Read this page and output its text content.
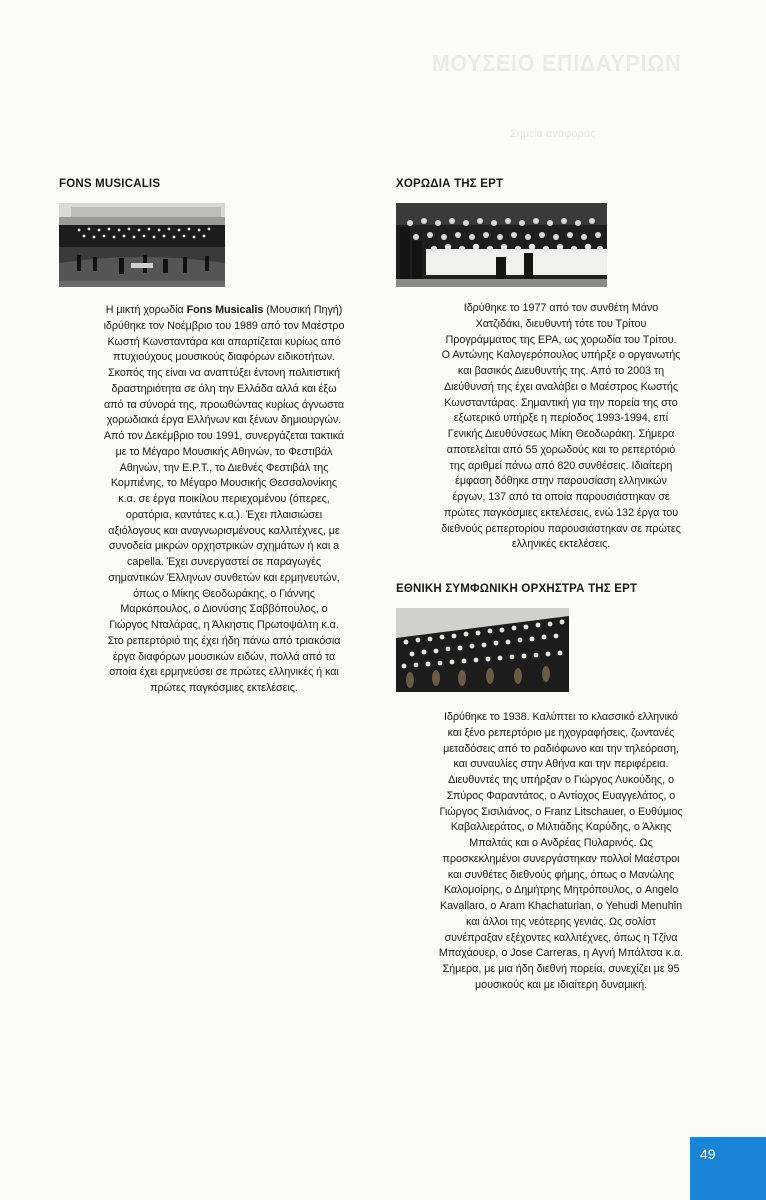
ΜΟΥΣΕΙΟ ΕΠΙΔΑΥΡΙΩΝ
Σημεία αναφοράς
FONS MUSICALIS

Η μικτή χορωδία Fons Musicalis (Μουσική Πηγή)
ιδρύθηκε τον Νοέμβριο του 1989 από τον Μαέστρο
Κωστή Κωνσταντάρα και απαρτίζεται κυρίως από
πτυχιούχους μουσικούς διαφόρων ειδικοτήτων.
Σκοπός της είναι να αναπτύξει έντονη πολιτιστική
δραστηριότητα σε όλη την Ελλάδα αλλά και έξω
από τα σύνορά της, προωθώντας κυρίως άγνωστα
χορωδιακά έργα Ελλήνων και ξένων δημιουργών.
Από τον Δεκέμβριο του 1991, συνεργάζεται τακτικά
με το Μέγαρο Μουσικής Αθηνών, το Φεστιβάλ
Αθηνών, την Ε.Ρ.Τ., το Διεθνές Φεστιβάλ της
Κομπιένης, το Μέγαρο Μουσικής Θεσσαλονίκης
κ.α. σε έργα ποικίλου περιεχομένου (όπερες,
ορατόρια, καντάτες κ.α.). Έχει πλαισιώσει
αξιόλογους και αναγνωρισμένους καλλιτέχνες, με
συνοδεία μικρών ορχηστρικών σχημάτων ή και a
capella. Έχει συνεργαστεί σε παραγωγές
σημαντικών Έλληνων συνθετών και ερμηνευτών,
όπως ο Μίκης Θεοδωράκης, ο Γιάννης
Μαρκόπουλος, ο Διονύσης Σαββόπουλος, ο
Γιώργος Νταλάρας, η Άλκηστις Πρωτοψάλτη κ.α.
Στο ρεπερτόριό της έχει ήδη πάνω από τριακόσια
έργα διαφόρων μουσικών ειδών, πολλά από τα
οποία έχει ερμηνεύσει σε πρώτες ελληνικές ή και
πρώτες παγκόσμιες εκτελέσεις.

ΧΟΡΩΔΙΑ ΤΗΣ ΕΡΤ

Ιδρύθηκε το 1977 από τον συνθέτη Μάνο
Χατζιδάκι, διευθυντή τότε του Τρίτου
Προγράμματος της ΕΡΑ, ως χορωδία του Τρίτου.
Ο Αντώνης Καλογερόπουλος υπήρξε ο οργανωτής
και βασικός Διευθυντής της. Από το 2003 τη
Διεύθυνσή της έχει αναλάβει ο Μαέστρος Κωστής
Κωνσταντάρας. Σημαντική για την πορεία της στο
εξωτερικό υπήρξε η περίοδος 1993-1994, επί
Γενικής Διευθύνσεως Μίκη Θεοδωράκη. Σήμερα
αποτελείται από 55 χορωδούς και το ρεπερτόριό
της αριθμεί πάνω από 820 συνθέσεις. Ιδιαίτερη
έμφαση δόθηκε στην παρουσίαση ελληνικών
έργων, 137 από τα οποία παρουσιάστηκαν σε
πρώτες παγκόσμιες εκτελέσεις, ενώ 132 έργα του
διεθνούς ρεπερτορίου παρουσιάστηκαν σε πρώτες
ελληνικές εκτελέσεις.

ΕΘΝΙΚΗ ΣΥΜΦΩΝΙΚΗ ΟΡΧΗΣΤΡΑ ΤΗΣ ΕΡΤ

Ιδρύθηκε το 1938. Καλύπτει το κλασσικό ελληνικό
και ξένο ρεπερτόριο με ηχογραφήσεις, ζωντανές
μεταδόσεις από το ραδιόφωνο και την τηλεόραση,
και συναυλίες στην Αθήνα και την περιφέρεια.
Διευθυντές της υπήρξαν ο Γιώργος Λυκούδης, ο
Σπύρος Φαραντάτος, ο Αντίοχος Ευαγγελάτος, ο
Γιώργος Σισιλιάνος, ο Franz Litschauer, ο Ευθύμιος
Καβαλλιεράτος, ο Μιλτιάδης Καρύδης, ο Άλκης
Μπαλτάς και ο Ανδρέας Πυλαρινός. Ως
προσκεκλημένοι συνεργάστηκαν πολλοί Μαέστροι
και συνθέτες διεθνούς φήμης, όπως ο Μανώλης
Καλομοίρης, ο Δημήτρης Μητρόπουλος, ο Angelo
Kavallaro, ο Aram Khachaturian, ο Yehudi Menuhin
και άλλοι της νεότερης γενιάς. Ως σολίστ
συνέπραξαν εξέχοντες καλλιτέχνες, όπως η Τζίνα
Μπαχάουερ, ο Jose Carreras, η Αγνή Μπάλτσα κ.α.
Σήμερα, με μια ήδη διεθνή πορεία, συνεχίζει με 95
μουσικούς και με ιδιαίτερη δυναμική.

49
